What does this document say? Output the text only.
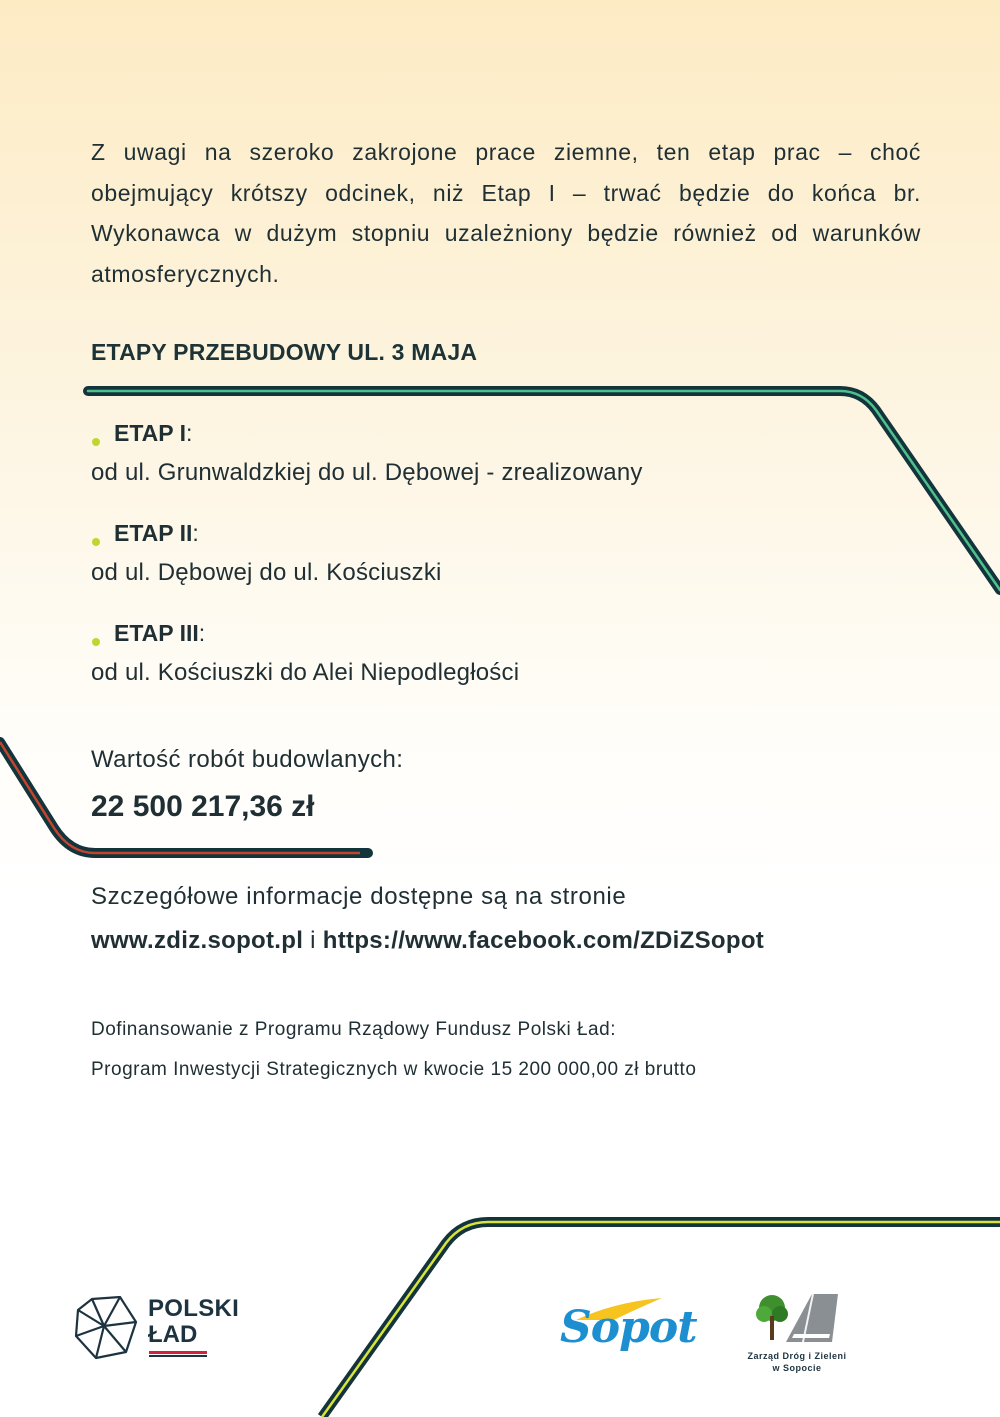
Z uwagi na szeroko zakrojone prace ziemne, ten etap prac – choć obejmujący krótszy odcinek, niż Etap I – trwać będzie do końca br. Wykonawca w dużym stopniu uzależniony będzie również od warunków atmosferycznych.

ETAPY PRZEBUDOWY UL. 3 MAJA
ETAP I:
od ul. Grunwaldzkiej do ul. Dębowej - zrealizowany
ETAP II:
od ul. Dębowej do ul. Kościuszki
ETAP III:
od ul. Kościuszki do Alei Niepodległości

Wartość robót budowlanych:

22 500 217,36 zł

Szczegółowe informacje dostępne są na stronie

www.zdiz.sopot.pl i https://www.facebook.com/ZDiZSopot

Dofinansowanie z Programu Rządowy Fundusz Polski Ład:
Program Inwestycji Strategicznych w kwocie 15 200 000,00 zł brutto
POLSKI
ŁAD	Sopot
Zarząd Dróg i Zieleni
w Sopocie
